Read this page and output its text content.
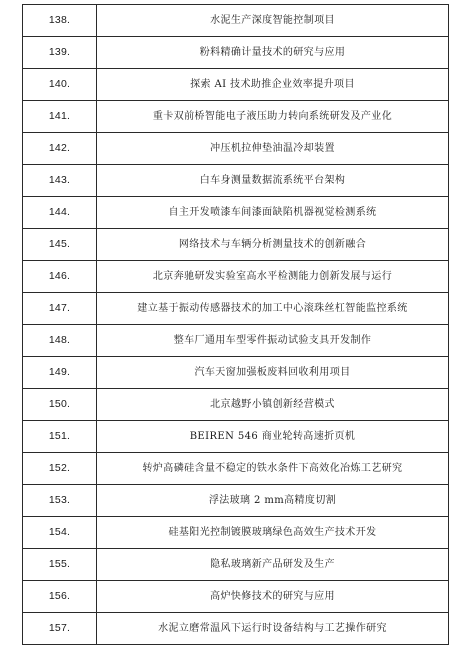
138.	水泥生产深度智能控制项目
139.	粉料精确计量技术的研究与应用
140.	探索 AI 技术助推企业效率提升项目
141.	重卡双前桥智能电子液压助力转向系统研发及产业化
142.	冲压机拉伸垫油温冷却装置
143.	白车身测量数据流系统平台架构
144.	自主开发喷漆车间漆面缺陷机器视觉检测系统
145.	网络技术与车辆分析测量技术的创新融合
146.	北京奔驰研发实验室高水平检测能力创新发展与运行
147.	建立基于振动传感器技术的加工中心滚珠丝杠智能监控系统
148.	整车厂通用车型零件振动试验支具开发制作
149.	汽车天窗加强板废料回收利用项目
150.	北京越野小镇创新经营模式
151.	BEIREN 546 商业轮转高速折页机
152.	转炉高磷硅含量不稳定的铁水条件下高效化冶炼工艺研究
153.	浮法玻璃 2 mm高精度切割
154.	硅基阳光控制镀膜玻璃绿色高效生产技术开发
155.	隐私玻璃新产品研发及生产
156.	高炉快修技术的研究与应用
157.	水泥立磨常温风下运行时设备结构与工艺操作研究
